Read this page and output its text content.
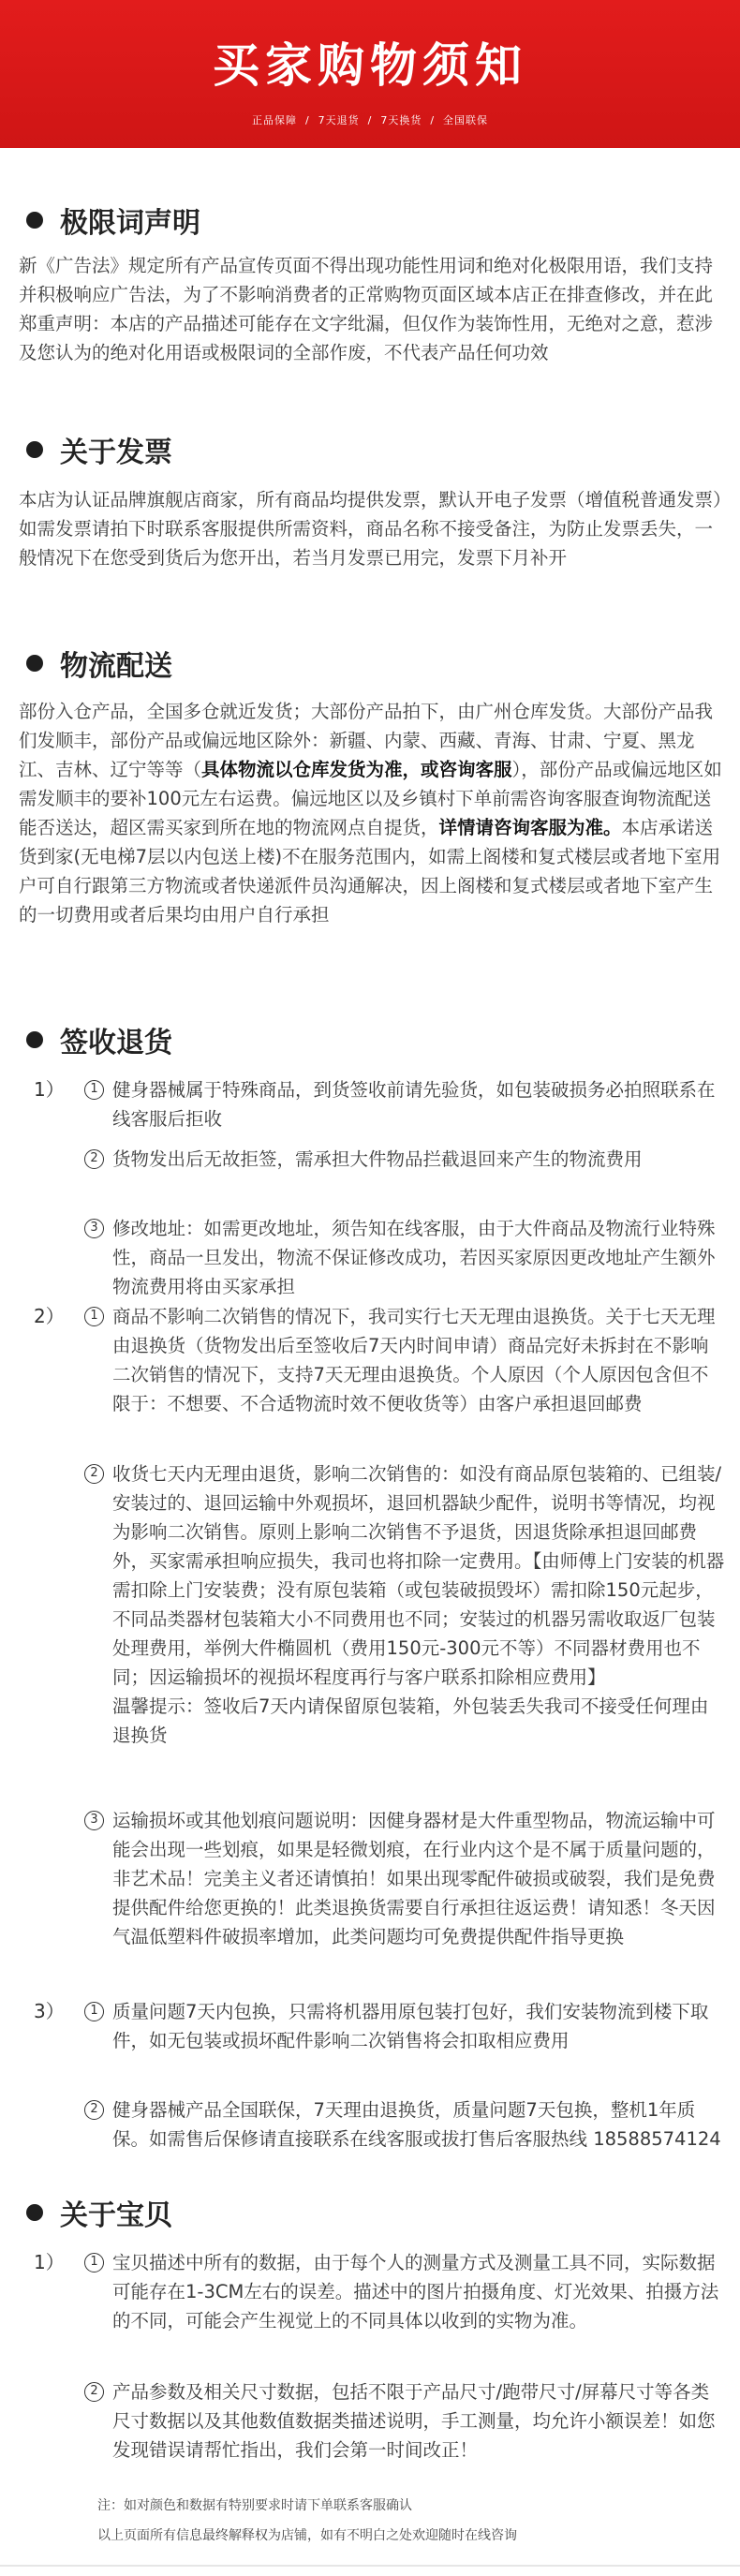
买家购物须知
正品保障  /  7天退货  /  7天换货  /  全国联保
极限词声明
新《广告法》规定所有产品宣传页面不得出现功能性用词和绝对化极限用语，我们支持并积极响应广告法，为了不影响消费者的正常购物页面区域本店正在排查修改，并在此郑重声明：本店的产品描述可能存在文字纰漏，但仅作为装饰性用，无绝对之意，惹涉及您认为的绝对化用语或极限词的全部作废，不代表产品任何功效
关于发票
本店为认证品牌旗舰店商家，所有商品均提供发票，默认开电子发票（增值税普通发票）如需发票请拍下时联系客服提供所需资料，商品名称不接受备注，为防止发票丢失，一般情况下在您受到货后为您开出，若当月发票已用完，发票下月补开
物流配送
部份入仓产品，全国多仓就近发货；大部份产品拍下，由广州仓库发货。大部份产品我们发顺丰，部份产品或偏远地区除外：新疆、内蒙、西藏、青海、甘肃、宁夏、黑龙江、吉林、辽宁等等（具体物流以仓库发货为准，或咨询客服），部份产品或偏远地区如需发顺丰的要补100元左右运费。偏远地区以及乡镇村下单前需咨询客服查询物流配送能否送达，超区需买家到所在地的物流网点自提货，详情请咨询客服为准。本店承诺送货到家(无电梯7层以内包送上楼)不在服务范围内，如需上阁楼和复式楼层或者地下室用户可自行跟第三方物流或者快递派件员沟通解决，因上阁楼和复式楼层或者地下室产生的一切费用或者后果均由用户自行承担
签收退货
1）	1 健身器械属于特殊商品，到货签收前请先验货，如包装破损务必拍照联系在线客服后拒收
2 货物发出后无故拒签，需承担大件物品拦截退回来产生的物流费用
3 修改地址：如需更改地址，须告知在线客服，由于大件商品及物流行业特殊性，商品一旦发出，物流不保证修改成功，若因买家原因更改地址产生额外物流费用将由买家承担
2）	1 商品不影响二次销售的情况下，我司实行七天无理由退换货。关于七天无理由退换货（货物发出后至签收后7天内时间申请）商品完好未拆封在不影响二次销售的情况下，支持7天无理由退换货。个人原因（个人原因包含但不限于：不想要、不合适物流时效不便收货等）由客户承担退回邮费
2 收货七天内无理由退货，影响二次销售的：如没有商品原包装箱的、已组装/安装过的、退回运输中外观损坏，退回机器缺少配件，说明书等情况，均视为影响二次销售。原则上影响二次销售不予退货，因退货除承担退回邮费外，买家需承担响应损失，我司也将扣除一定费用。【由师傅上门安装的机器需扣除上门安装费；没有原包装箱（或包装破损毁坏）需扣除150元起步，不同品类器材包装箱大小不同费用也不同；安装过的机器另需收取返厂包装处理费用，举例大件椭圆机（费用150元-300元不等）不同器材费用也不同；因运输损坏的视损坏程度再行与客户联系扣除相应费用】
温馨提示：签收后7天内请保留原包装箱，外包装丢失我司不接受任何理由退换货
3 运输损坏或其他划痕问题说明：因健身器材是大件重型物品，物流运输中可能会出现一些划痕，如果是轻微划痕，在行业内这个是不属于质量问题的，非艺术品！完美主义者还请慎拍！如果出现零配件破损或破裂，我们是免费提供配件给您更换的！此类退换货需要自行承担往返运费！请知悉！冬天因气温低塑料件破损率增加，此类问题均可免费提供配件指导更换
3）	1 质量问题7天内包换，只需将机器用原包装打包好，我们安装物流到楼下取件，如无包装或损坏配件影响二次销售将会扣取相应费用
2 健身器械产品全国联保，7天理由退换货，质量问题7天包换，整机1年质保。如需售后保修请直接联系在线客服或拔打售后客服热线 18588574124
关于宝贝
1）	1 宝贝描述中所有的数据，由于每个人的测量方式及测量工具不同，实际数据可能存在1-3CM左右的误差。描述中的图片拍摄角度、灯光效果、拍摄方法的不同，可能会产生视觉上的不同具体以收到的实物为准。
2 产品参数及相关尺寸数据，包括不限于产品尺寸/跑带尺寸/屏幕尺寸等各类尺寸数据以及其他数值数据类描述说明，手工测量，均允许小额误差！如您发现错误请帮忙指出，我们会第一时间改正！
注：如对颜色和数据有特别要求时请下单联系客服确认
以上页面所有信息最终解释权为店铺，如有不明白之处欢迎随时在线咨询
